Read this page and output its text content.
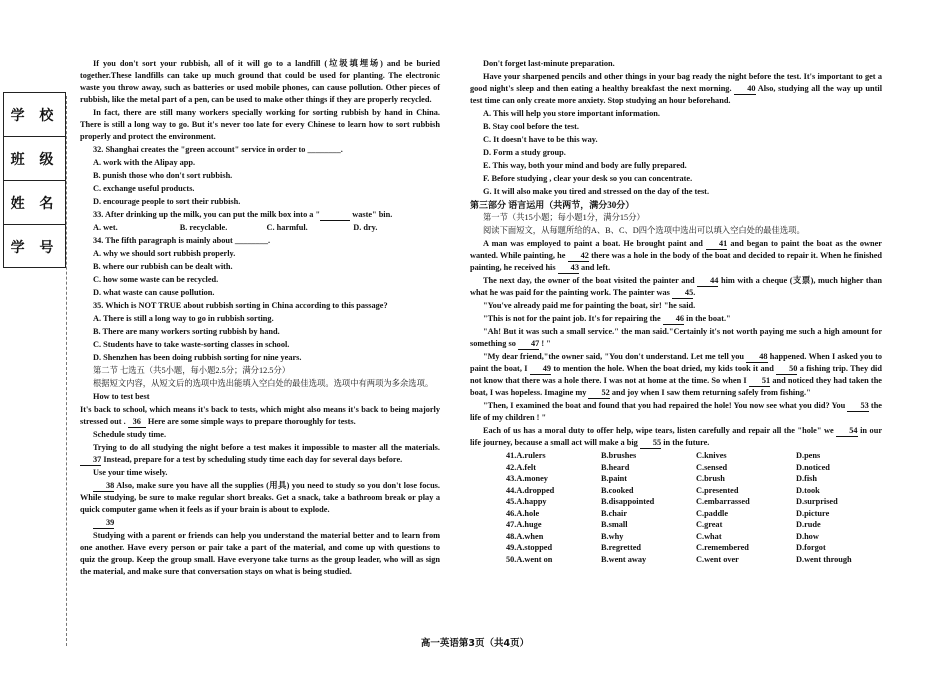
学 校
班 级
姓 名
学 号

If you don't sort your rubbish, all of it will go to a landfill (垃圾填埋场) and be buried together.These landfills can take up much ground that could be used for planting. The electronic waste you throw away, such as batteries or used mobile phones, can cause pollution. Other pieces of rubbish, like the metal part of a pen, can be used to make other things if they are properly recycled.

In fact, there are still many workers specially working for sorting rubbish by hand in China. There is still a long way to go. But it's never too late for every Chinese to learn how to sort rubbish properly and protect the environment.

32. Shanghai creates the "green account" service in order to ________.

A. work with the Alipay app.

B. punish those who don't sort rubbish.

C. exchange useful products.

D. encourage people to sort their rubbish.

33. After drinking up the milk, you can put the milk box into a "	waste" bin.

A. wet.	B. recyclable.	C. harmful.	D. dry.

34. The fifth paragraph is mainly about ________.

A. why we should sort rubbish properly.

B. where our rubbish can be dealt with.

C. how some waste can be recycled.

D. what waste can cause pollution.

35. Which is NOT TRUE about rubbish sorting in China according to this passage?

A. There is still a long way to go in rubbish sorting.

B. There are many workers sorting rubbish by hand.

C. Students have to take waste-sorting classes in school.

D. Shenzhen has been doing rubbish sorting for nine years.

第二节 七选五（共5小题，每小题2.5分；满分12.5分）

根据短文内容，从短文后的选项中选出能填入空白处的最佳选项。选项中有两项为多余选项。

How to test best

It's back to school, which means it's back to tests, which might also means it's back to being majorly stressed out . 36 Here are some simple ways to prepare thoroughly for tests.

Schedule study time.

Trying to do all studying the night before a test makes it impossible to master all the materials. 37 Instead, prepare for a test by scheduling study time each day for several days before.

Use your time wisely.

38 Also, make sure you have all the supplies (用具) you need to study so you don't lose focus. While studying, be sure to make regular short breaks. Get a snack, take a bathroom break or play a quick computer game when it feels as if your brain is about to explode.

39

Studying with a parent or friends can help you understand the material better and to learn from one another. Have every person or pair take a part of the material, and come up with questions to quiz the group. Keep the group small. Have everyone take turns as the group leader, who will as sign the material, and make sure that conversation stays on what is being studied.

Don't forget last-minute preparation.

Have your sharpened pencils and other things in your bag ready the night before the test. It's important to get a good night's sleep and then eating a healthy breakfast the next morning. 40 Also, studying all the way up until test time can only create more anxiety. Stop studying an hour beforehand.

A. This will help you store important information.

B. Stay cool before the test.

C. It doesn't have to be this way.

D. Form a study group.

E. This way, both your mind and body are fully prepared.

F. Before studying , clear your desk so you can concentrate.

G. It will also make you tired and stressed on the day of the test.

第三部分 语言运用（共两节，满分30分）

第一节（共15小题；每小题1分，满分15分）

阅读下面短文，从每题所给的A、B、C、D四个选项中选出可以填入空白处的最佳选项。

A man was employed to paint a boat. He brought paint and 41 and began to paint the boat as the owner wanted. While painting, he 42 there was a hole in the body of the boat and decided to repair it. When he finished painting, he received his 43 and left.

The next day, the owner of the boat visited the painter and 44 him with a cheque (支票), much higher than what he was paid for the painting work. The painter was 45.

"You've already paid me for painting the boat, sir! "he said.

"This is not for the paint job. It's for repairing the 46 in the boat."

"Ah! But it was such a small service." the man said."Certainly it's not worth paying me such a high amount for something so 47 ! "

"My dear friend,"the owner said, "You don't understand. Let me tell you 48 happened. When I asked you to paint the boat, I 49 to mention the hole. When the boat dried, my kids took it and 50 a fishing trip. They did not know that there was a hole there. I was not at home at the time. So when I 51 and noticed they had taken the boat, I was hopeless. Imagine my 52 and joy when I saw them returning safely from fishing."

"Then, I examined the boat and found that you had repaired the hole! You now see what you did? You 53 the life of my children ! "

Each of us has a moral duty to offer help, wipe tears, listen carefully and repair all the "hole" we 54 in our life journey, because a small act will make a big 55 in the future.

41.A.rulers	B.brushes	C.knives	D.pens
42.A.felt	B.heard	C.sensed	D.noticed
43.A.money	B.paint	C.brush	D.fish
44.A.dropped	B.cooked	C.presented	D.took
45.A.happy	B.disappointed	C.embarrassed	D.surprised
46.A.hole	B.chair	C.paddle	D.picture
47.A.huge	B.small	C.great	D.rude
48.A.when	B.why	C.what	D.how
49.A.stopped	B.regretted	C.remembered	D.forgot
50.A.went on	B.went away	C.went over	D.went through
高一英语第3页（共4页）
